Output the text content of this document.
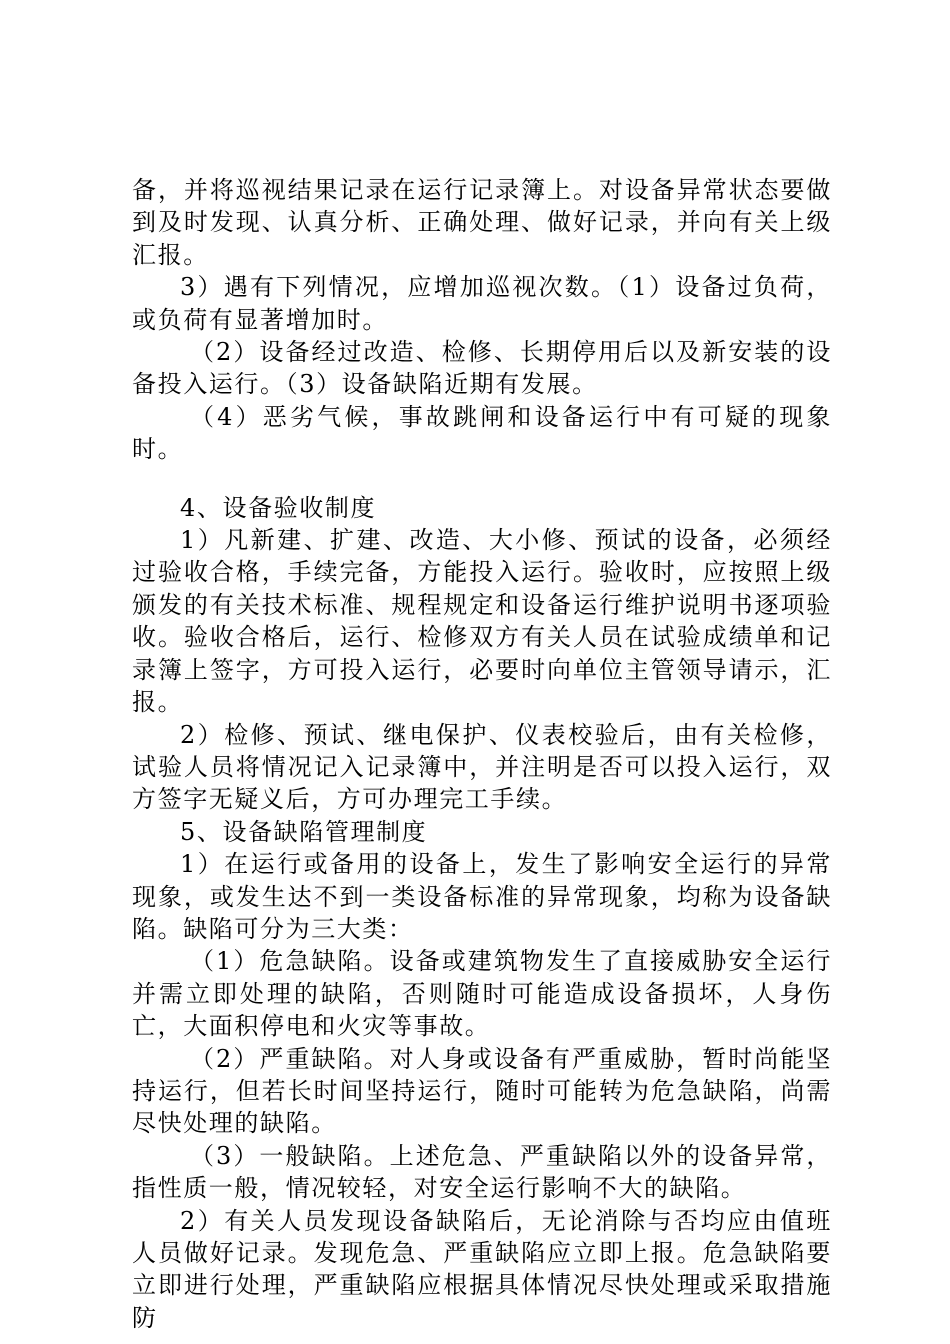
备，并将巡视结果记录在运行记录簿上。对设备异常状态要做到及时发现、认真分析、正确处理、做好记录，并向有关上级汇报。

3）遇有下列情况，应增加巡视次数。（1）设备过负荷，或负荷有显著增加时。

（2）设备经过改造、检修、长期停用后以及新安装的设备投入运行。（3）设备缺陷近期有发展。

（4）恶劣气候，事故跳闸和设备运行中有可疑的现象时。

4、设备验收制度

1）凡新建、扩建、改造、大小修、预试的设备，必须经过验收合格，手续完备，方能投入运行。验收时，应按照上级颁发的有关技术标准、规程规定和设备运行维护说明书逐项验收。验收合格后，运行、检修双方有关人员在试验成绩单和记录簿上签字，方可投入运行，必要时向单位主管领导请示，汇报。

2）检修、预试、继电保护、仪表校验后，由有关检修，试验人员将情况记入记录簿中，并注明是否可以投入运行，双方签字无疑义后，方可办理完工手续。

5、设备缺陷管理制度

1）在运行或备用的设备上，发生了影响安全运行的异常现象，或发生达不到一类设备标准的异常现象，均称为设备缺陷。缺陷可分为三大类：

（1）危急缺陷。设备或建筑物发生了直接威胁安全运行并需立即处理的缺陷，否则随时可能造成设备损坏，人身伤亡，大面积停电和火灾等事故。

（2）严重缺陷。对人身或设备有严重威胁，暂时尚能坚持运行，但若长时间坚持运行，随时可能转为危急缺陷，尚需尽快处理的缺陷。

（3）一般缺陷。上述危急、严重缺陷以外的设备异常，指性质一般，情况较轻，对安全运行影响不大的缺陷。

2）有关人员发现设备缺陷后，无论消除与否均应由值班人员做好记录。发现危急、严重缺陷应立即上报。危急缺陷要立即进行处理，严重缺陷应根据具体情况尽快处理或采取措施防
